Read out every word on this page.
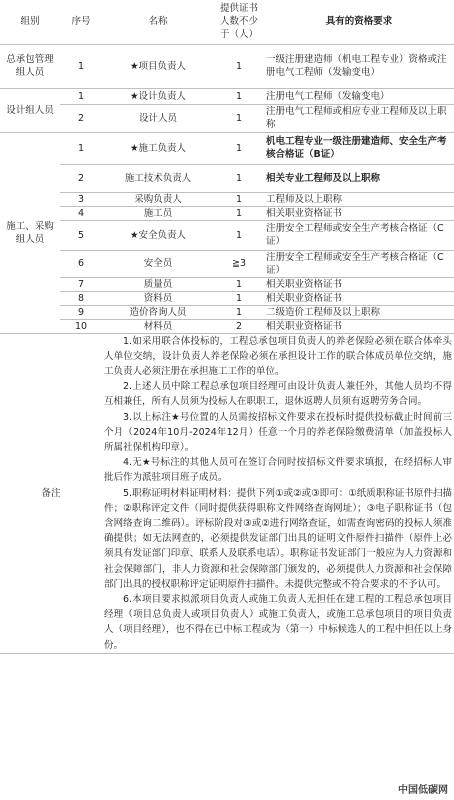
组别	序号	名称	提供证书人数不少于（人）	具有的资格要求
总承包管理组人员	1	★项目负责人	1	一级注册建造师（机电工程专业）资格或注册电气工程师（发输变电）
设计组人员	1	★设计负责人	1	注册电气工程师（发输变电）
	2	设计人员	1	注册电气工程师或相应专业工程师及以上职称
施工、采购组人员	1	★施工负责人	1	机电工程专业一级注册建造师、安全生产考核合格证（B证）
	2	施工技术负责人	1	相关专业工程师及以上职称
	3	采购负责人	1	工程师及以上职称
	4	施工员	1	相关职业资格证书
	5	★安全负责人	1	注册安全工程师或安全生产考核合格证（C证）
	6	安全员	≧3	注册安全工程师或安全生产考核合格证（C证）
	7	质量员	1	相关职业资格证书
	8	资料员	1	相关职业资格证书
	9	造价咨询人员	1	二级造价工程师及以上职称
	10	材料员	2	相关职业资格证书
备注	

1.如采用联合体投标的，工程总承包项目负责人的养老保险必须在联合体牵头人单位交纳，设计负责人养老保险必须在承担设计工作的联合体成员单位交纳，施工负责人必须注册在承担施工工作的单位。

2.上述人员中除工程总承包项目经理可由设计负责人兼任外，其他人员均不得互相兼任，所有人员须为投标人在职职工，退休返聘人员须有返聘劳务合同。

3.以上标注★号位置的人员需按招标文件要求在投标时提供投标截止时间前三个月（2024年10月-2024年12月）任意一个月的养老保险缴费清单（加盖投标人所属社保机构印章）。

4.无★号标注的其他人员可在签订合同时按招标文件要求填报，在经招标人审批后作为派驻项目班子成员。

5.职称证明材料证明材料：提供下列①或②或③即可：①纸质职称证书原件扫描件；②职称评定文件（同时提供获得职称文件网络查询网址）；③电子职称证书（包含网络查询二维码）。评标阶段对③或②进行网络查证，如需查询密码的投标人须准确提供；如无法网查的，必须提供发证部门出具的证明文件原件扫描件（原件上必须具有发证部门印章、联系人及联系电话）。职称证书发证部门一般应为人力资源和社会保障部门，非人力资源和社会保障部门颁发的，必须提供人力资源和社会保障部门出具的授权职称评定证明原件扫描件。未提供完整或不符合要求的不予认可。

6.本项目要求拟派项目负责人或施工负责人无担任在建工程的工程总承包项目经理（项目总负责人或项目负责人）或施工负责人，或施工总承包项目的项目负责人（项目经理），也不得在已中标工程或为（第一）中标候选人的工程中担任以上身份。

中国低碳网
